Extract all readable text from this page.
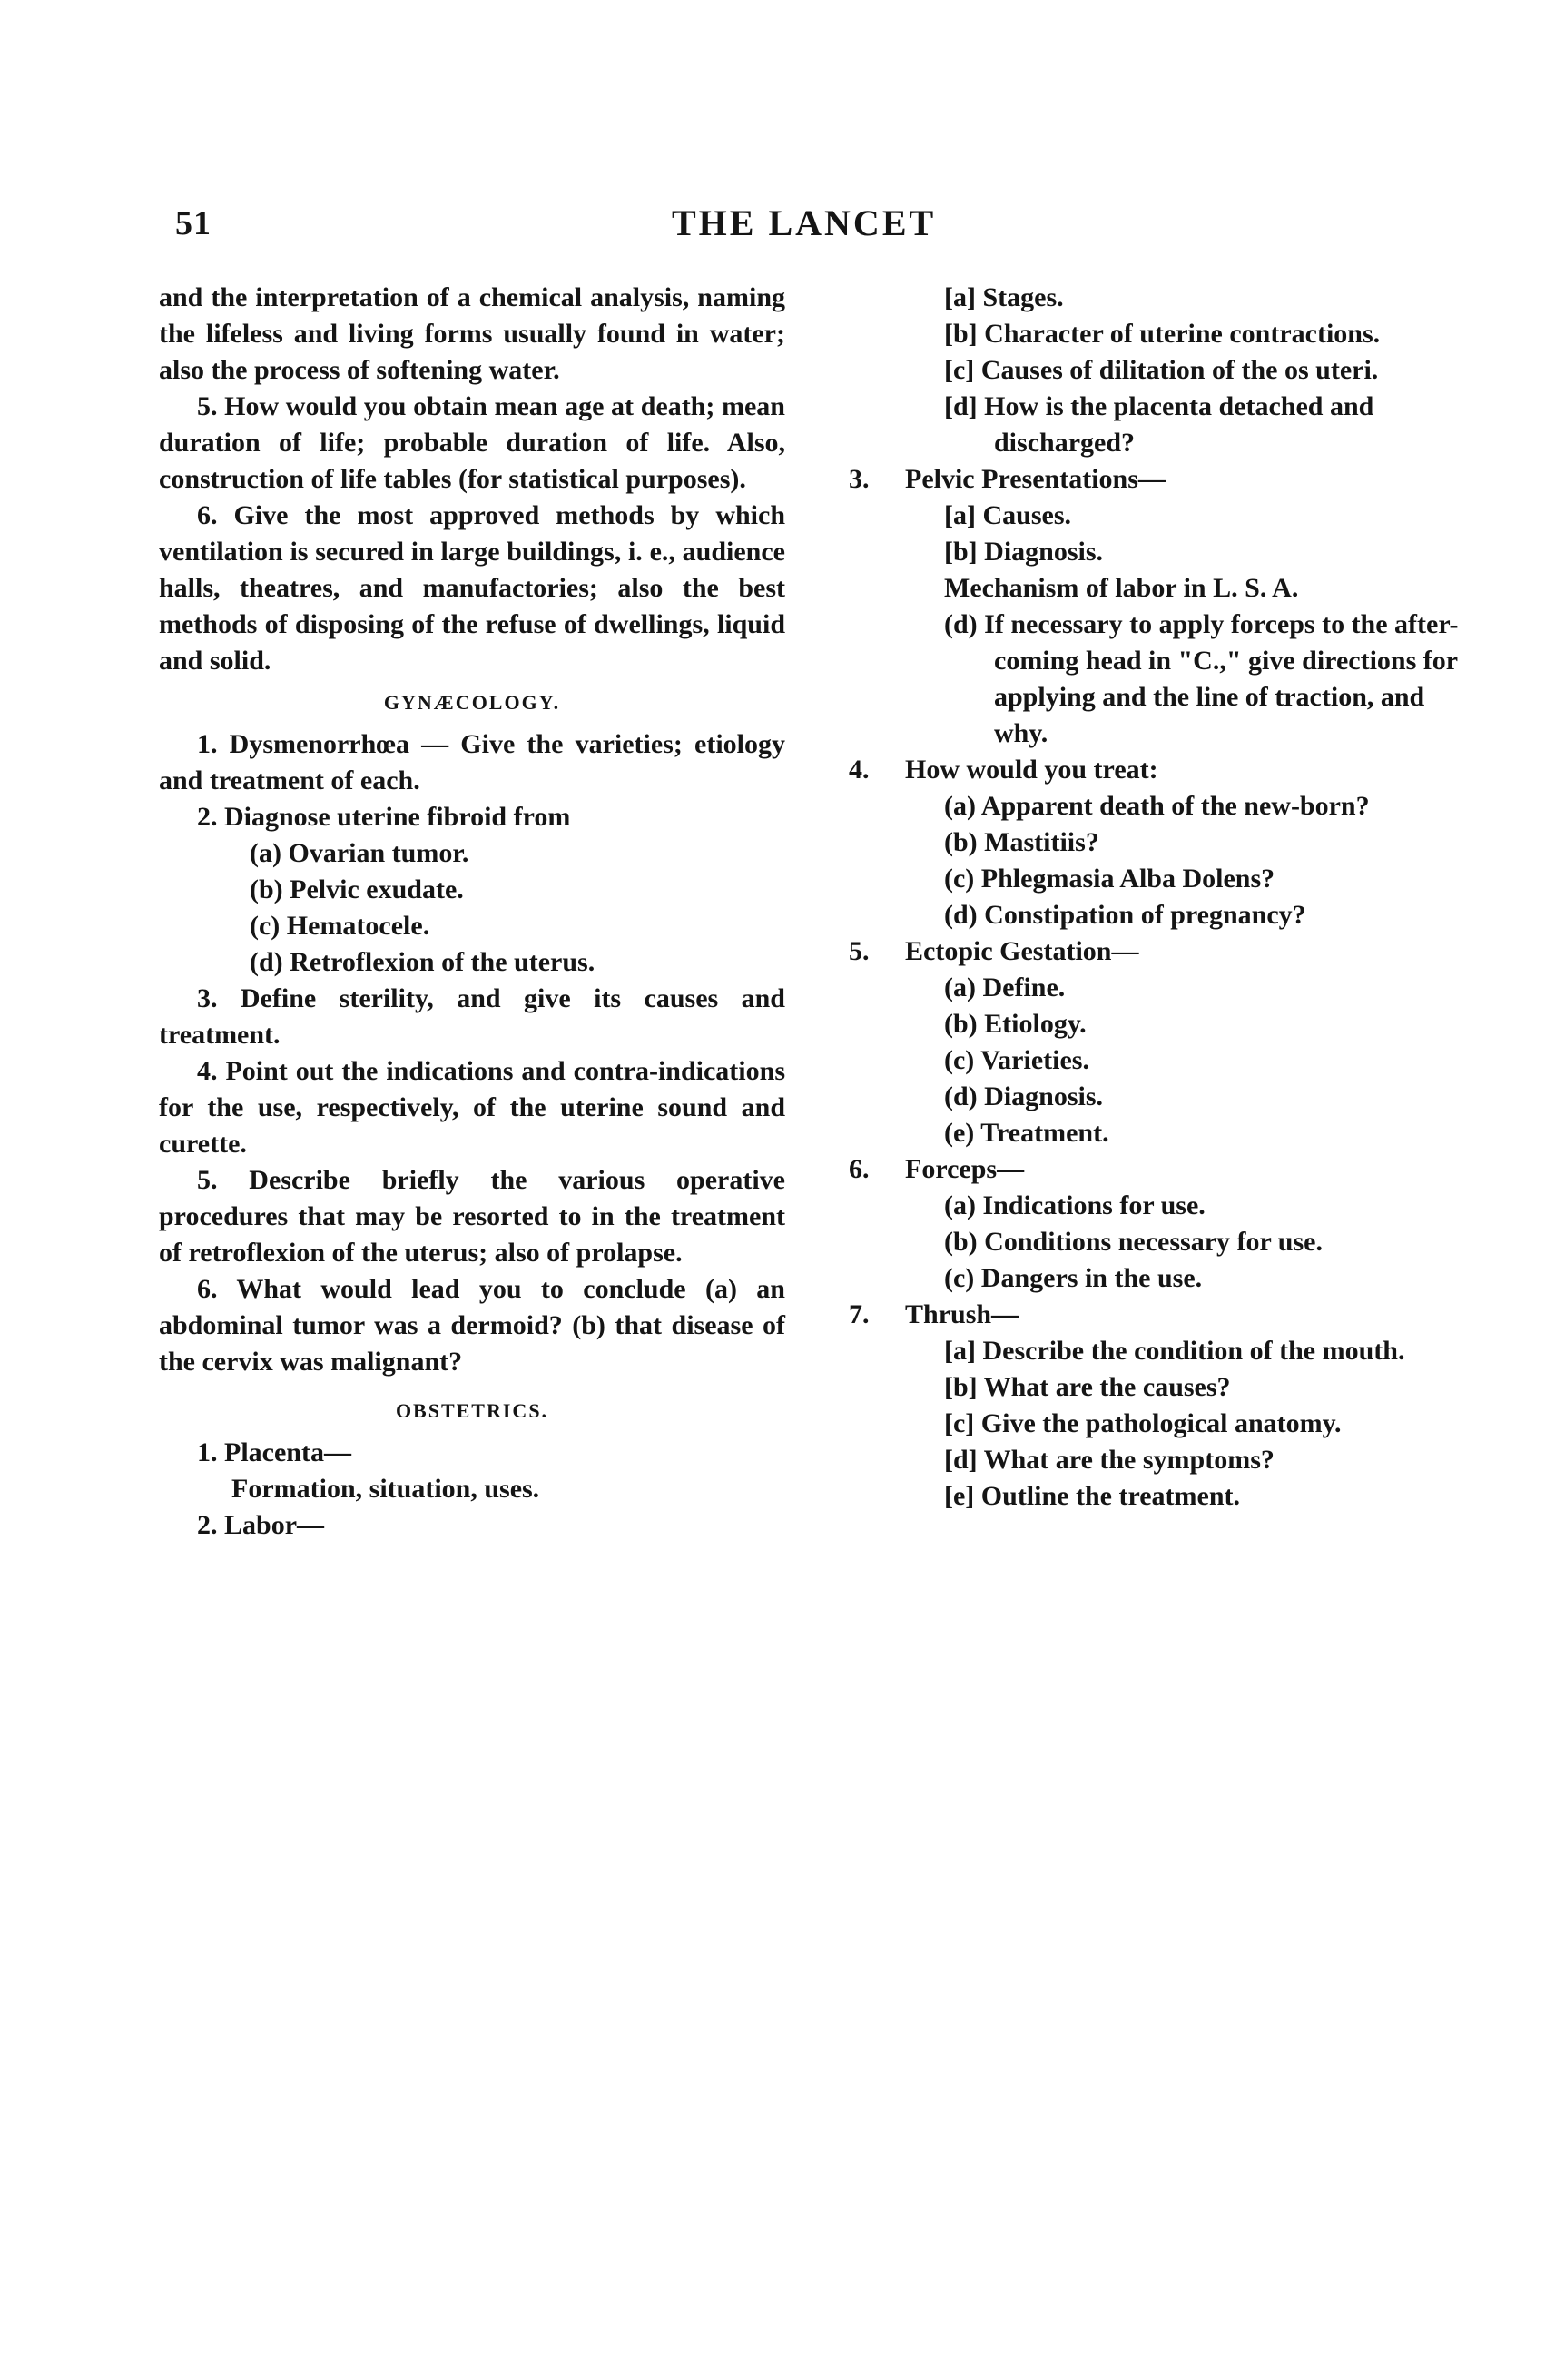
51	THE LANCET

and the interpretation of a chemical analysis, naming the lifeless and living forms usually found in water; also the process of softening water.

5. How would you obtain mean age at death; mean duration of life; probable duration of life. Also, construction of life tables (for statistical purposes).

6. Give the most approved methods by which ventilation is secured in large buildings, i. e., audience halls, theatres, and manufactories; also the best methods of disposing of the refuse of dwellings, liquid and solid.

GYNÆCOLOGY.

1. Dysmenorrhœa — Give the varieties; etiology and treatment of each.

2. Diagnose uterine fibroid from

(a) Ovarian tumor.

(b) Pelvic exudate.

(c) Hematocele.

(d) Retroflexion of the uterus.

3. Define sterility, and give its causes and treatment.

4. Point out the indications and contra-indications for the use, respectively, of the uterine sound and curette.

5. Describe briefly the various operative procedures that may be resorted to in the treatment of retroflexion of the uterus; also of prolapse.

6. What would lead you to conclude (a) an abdominal tumor was a dermoid? (b) that disease of the cervix was malignant?

OBSTETRICS.

1. Placenta—

Formation, situation, uses.

2. Labor—

[a] Stages.

[b] Character of uterine contractions.

[c] Causes of dilitation of the os uteri.

[d] How is the placenta detached and discharged?

3. Pelvic Presentations—

[a] Causes.

[b] Diagnosis.

Mechanism of labor in L. S. A.

(d) If necessary to apply forceps to the after-coming head in "C.," give directions for applying and the line of traction, and why.

4. How would you treat:

(a) Apparent death of the new-born?

(b) Mastitiis?

(c) Phlegmasia Alba Dolens?

(d) Constipation of pregnancy?

5. Ectopic Gestation—

(a) Define.

(b) Etiology.

(c) Varieties.

(d) Diagnosis.

(e) Treatment.

6. Forceps—

(a) Indications for use.

(b) Conditions necessary for use.

(c) Dangers in the use.

7. Thrush—

[a] Describe the condition of the mouth.

[b] What are the causes?

[c] Give the pathological anatomy.

[d] What are the symptoms?

[e] Outline the treatment.
